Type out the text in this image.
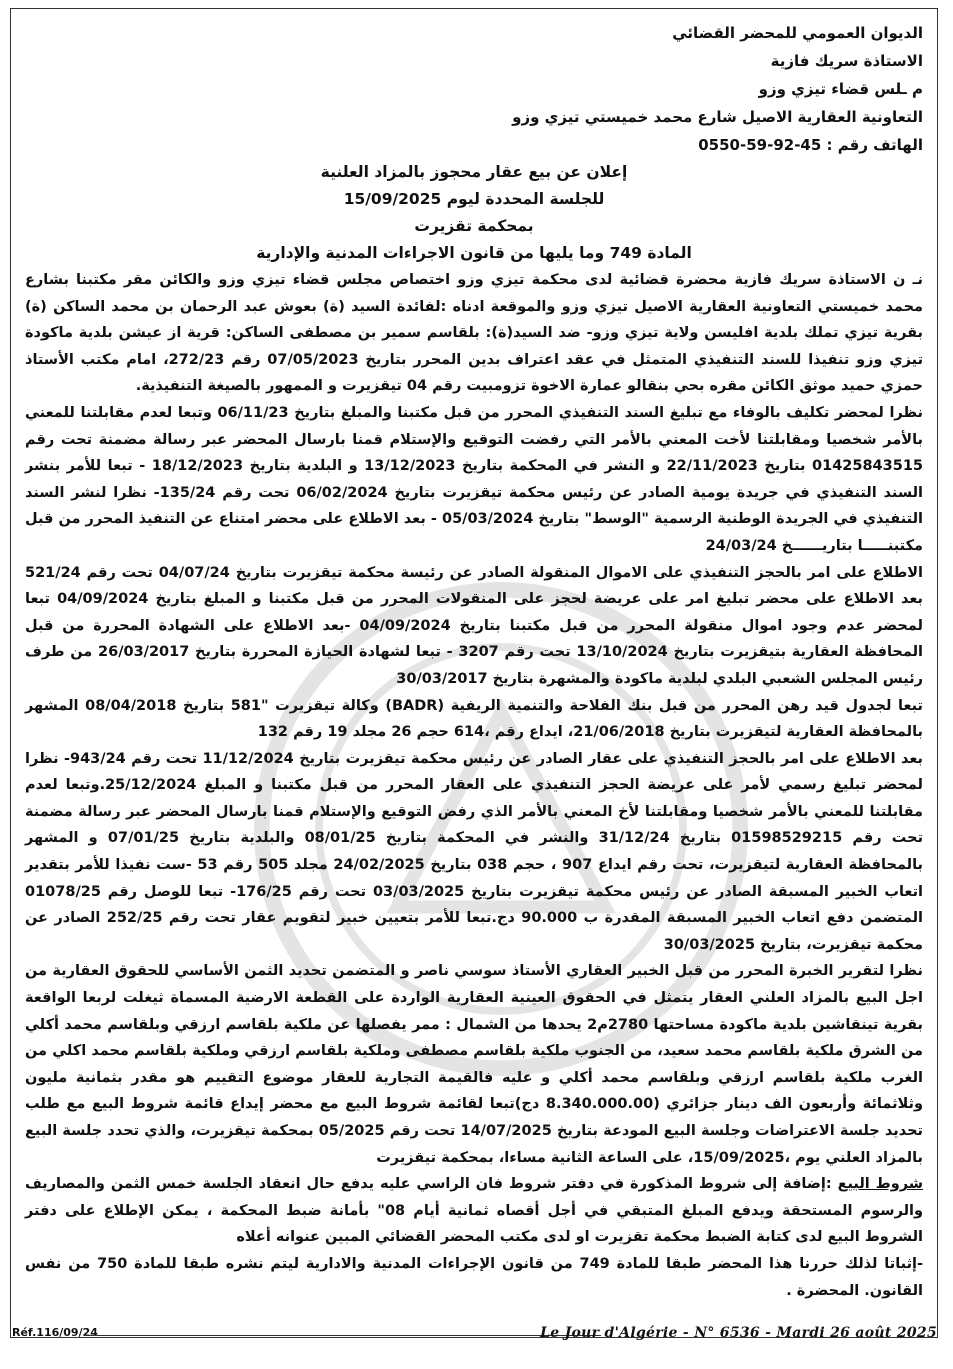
الديوان العمومي للمحضر القضائي

الاستاذة سريك فازية

م ـلس قضاء تيزي وزو

التعاونية العقارية الاصيل شارع محمد خميستي تيزي وزو

الهاتف رقم : 45-92-59-0550

إعلان عن بيع عقار محجوز بالمزاد العلنية

للجلسة المحددة ليوم 15/09/2025

بمحكمة تقزيرت

المادة 749 وما يليها من قانون الاجراءات المدنية والإدارية

نـ ن الاستاذة سريك فازية محضرة قضائية لدى محكمة تيزي وزو اختصاص مجلس قضاء تيزي وزو والكائن مقر مكتبنا بشارع محمد خميستي التعاونية العقارية الاصيل تيزي وزو والموقعة ادناه :لفائدة السيد (ة) بعوش عبد الرحمان بن محمد الساكن (ة) بقرية تيزي تملك بلدية افليسن ولاية تيزي وزو- ضد السيد(ة): بلقاسم سمير بن مصطفى الساكن: قرية از عيشن بلدية ماكودة تيزي وزو تنفيذا للسند التنفيذي المتمثل في عقد اعتراف بدين المحرر بتاريخ 07/05/2023 رقم 272/23، امام مكتب الأستاذ حمزي حميد موثق الكائن مقره بحي بنقالو عمارة الاخوة تزومبيت رقم 04 تيقزيرت و الممهور بالصيغة التنفيذية.

نظرا لمحضر تكليف بالوفاء مع تبليغ السند التنفيذي المحرر من قبل مكتبنا والمبلغ بتاريخ 06/11/23 وتبعا لعدم مقابلتنا للمعني بالأمر شخصيا ومقابلتنا لأخت المعني بالأمر التي رفضت التوقيع والإستلام قمنا بارسال المحضر عبر رسالة مضمنة تحت رقم 01425843515 بتاريخ 22/11/2023 و النشر في المحكمة بتاريخ 13/12/2023 و البلدية بتاريخ 18/12/2023 - تبعا للأمر بنشر السند التنفيذي في جريدة يومية الصادر عن رئيس محكمة تيقزيرت بتاريخ 06/02/2024 تحت رقم 135/24- نظرا لنشر السند التنفيذي في الجريدة الوطنية الرسمية "الوسط" بتاريخ 05/03/2024 - بعد الاطلاع على محضر امتناع عن التنفيذ المحرر من قبل مكتبنـــــا بتاريــــــخ 24/03/24

الاطلاع على امر بالحجز التنفيذي على الاموال المنقولة الصادر عن رئيسة محكمة تيقزيرت بتاريخ 04/07/24 تحت رقم 521/24 بعد الاطلاع على محضر تبليغ امر على عريضة لحجز على المنقولات المحرر من قبل مكتبنا و المبلغ بتاريخ 04/09/2024 تبعا لمحضر عدم وجود اموال منقولة المحرر من قبل مكتبنا بتاريخ 04/09/2024 -بعد الاطلاع على الشهادة المحررة من قبل المحافظة العقارية بتيقزيرت بتاريخ 13/10/2024 تحت رقم 3207 - تبعا لشهادة الحيازة المحررة بتاريخ 26/03/2017 من طرف رئيس المجلس الشعبي البلدي لبلدية ماكودة والمشهرة بتاريخ 30/03/2017

تبعا لجدول قيد رهن المحرر من قبل بنك الفلاحة والتنمية الريفية (BADR) وكالة تيقزيرت "581 بتاريخ 08/04/2018 المشهر بالمحافظة العقارية لتيقزيرت بتاريخ 21/06/2018، ايداع رقم ،614 حجم 26 مجلد 19 رقم 132

بعد الاطلاع على امر بالحجز التنفيذي على عقار الصادر عن رئيس محكمة تيقزيرت بتاريخ 11/12/2024 تحت رقم 943/24- نظرا لمحضر تبليغ رسمي لأمر على عريضة الحجز التنفيذي على العقار المحرر من قبل مكتبنا و المبلغ 25/12/2024.وتبعا لعدم مقابلتنا للمعني بالأمر شخصيا ومقابلتنا لأخ المعني بالأمر الذي رفض التوقيع والإستلام قمنا بارسال المحضر عبر رسالة مضمنة تحت رقم 01598529215 بتاريخ 31/12/24 والنشر في المحكمة بتاريخ 08/01/25 والبلدية بتاريخ 07/01/25 و المشهر بالمحافظة العقارية لتيقزيرت، تحت رقم ايداع 907 ، حجم 038 بتاريخ 24/02/2025 مجلد 505 رقم 53 -ست نفيذا للأمر بتقدير اتعاب الخبير المسبقة الصادر عن رئيس محكمة تيقزيرت بتاريخ 03/03/2025 تحت رقم 176/25- تبعا للوصل رقم 01078/25 المتضمن دفع اتعاب الخبير المسبقة المقدرة ب 90.000 دج.تبعا للأمر بتعيين خبير لتقويم عقار تحت رقم 252/25 الصادر عن محكمة تيقزيرت، بتاريخ 30/03/2025

نظرا لتقرير الخبرة المحرر من قبل الخبير العقاري الأستاذ سوسي ناصر و المتضمن تحديد الثمن الأساسي للحقوق العقارية من اجل البيع بالمزاد العلني العقار يتمثل في الحقوق العينية العقارية الواردة على القطعة الارضية المسماة ثيغلت لربعا الواقعة بقرية تينقاشين بلدية ماكودة مساحتها 2780م2 يحدها من الشمال : ممر يفصلها عن ملكية بلقاسم ارزقي وبلقاسم محمد أكلي من الشرق ملكية بلقاسم محمد سعيد، من الجنوب ملكية بلقاسم مصطفى وملكية بلقاسم ارزقي وملكية بلقاسم محمد اكلي من الغرب ملكية بلقاسم ارزقي وبلقاسم محمد أكلي و عليه فالقيمة التجارية للعقار موضوع التقييم هو مقدر بثمانية مليون وثلاثمائة وأربعون الف دينار جزائري (8.340.000.00 دج)تبعا لقائمة شروط البيع مع محضر إيداع قائمة شروط البيع مع طلب تحديد جلسة الاعتراضات وجلسة البيع المودعة بتاريخ 14/07/2025 تحت رقم 05/2025 بمحكمة تيقزيرت، والذي تحدد جلسة البيع بالمزاد العلني يوم ،15/09/2025، على الساعة الثانية مساءا، بمحكمة تيقزيرت

شروط البيع :إضافة إلى شروط المذكورة في دفتر شروط فان الراسي عليه يدفع حال انعقاد الجلسة خمس الثمن والمصاريف والرسوم المستحقة ويدفع المبلغ المتبقي في أجل أقصاه ثمانية أيام 08" بأمانة ضبط المحكمة ، يمكن الإطلاع على دفتر الشروط البيع لدى كتابة الضبط محكمة تقزيرت او لدى مكتب المحضر القضائي المبين عنوانه أعلاه

-إثباتا لذلك حررنا هذا المحضر طبقا للمادة 749 من قانون الإجراءات المدنية والادارية ليتم نشره طبقا للمادة 750 من نفس القانون. المحضرة .

Réf.116/09/24	Le Jour d'Algérie - N° 6536 - Mardi 26 août 2025
